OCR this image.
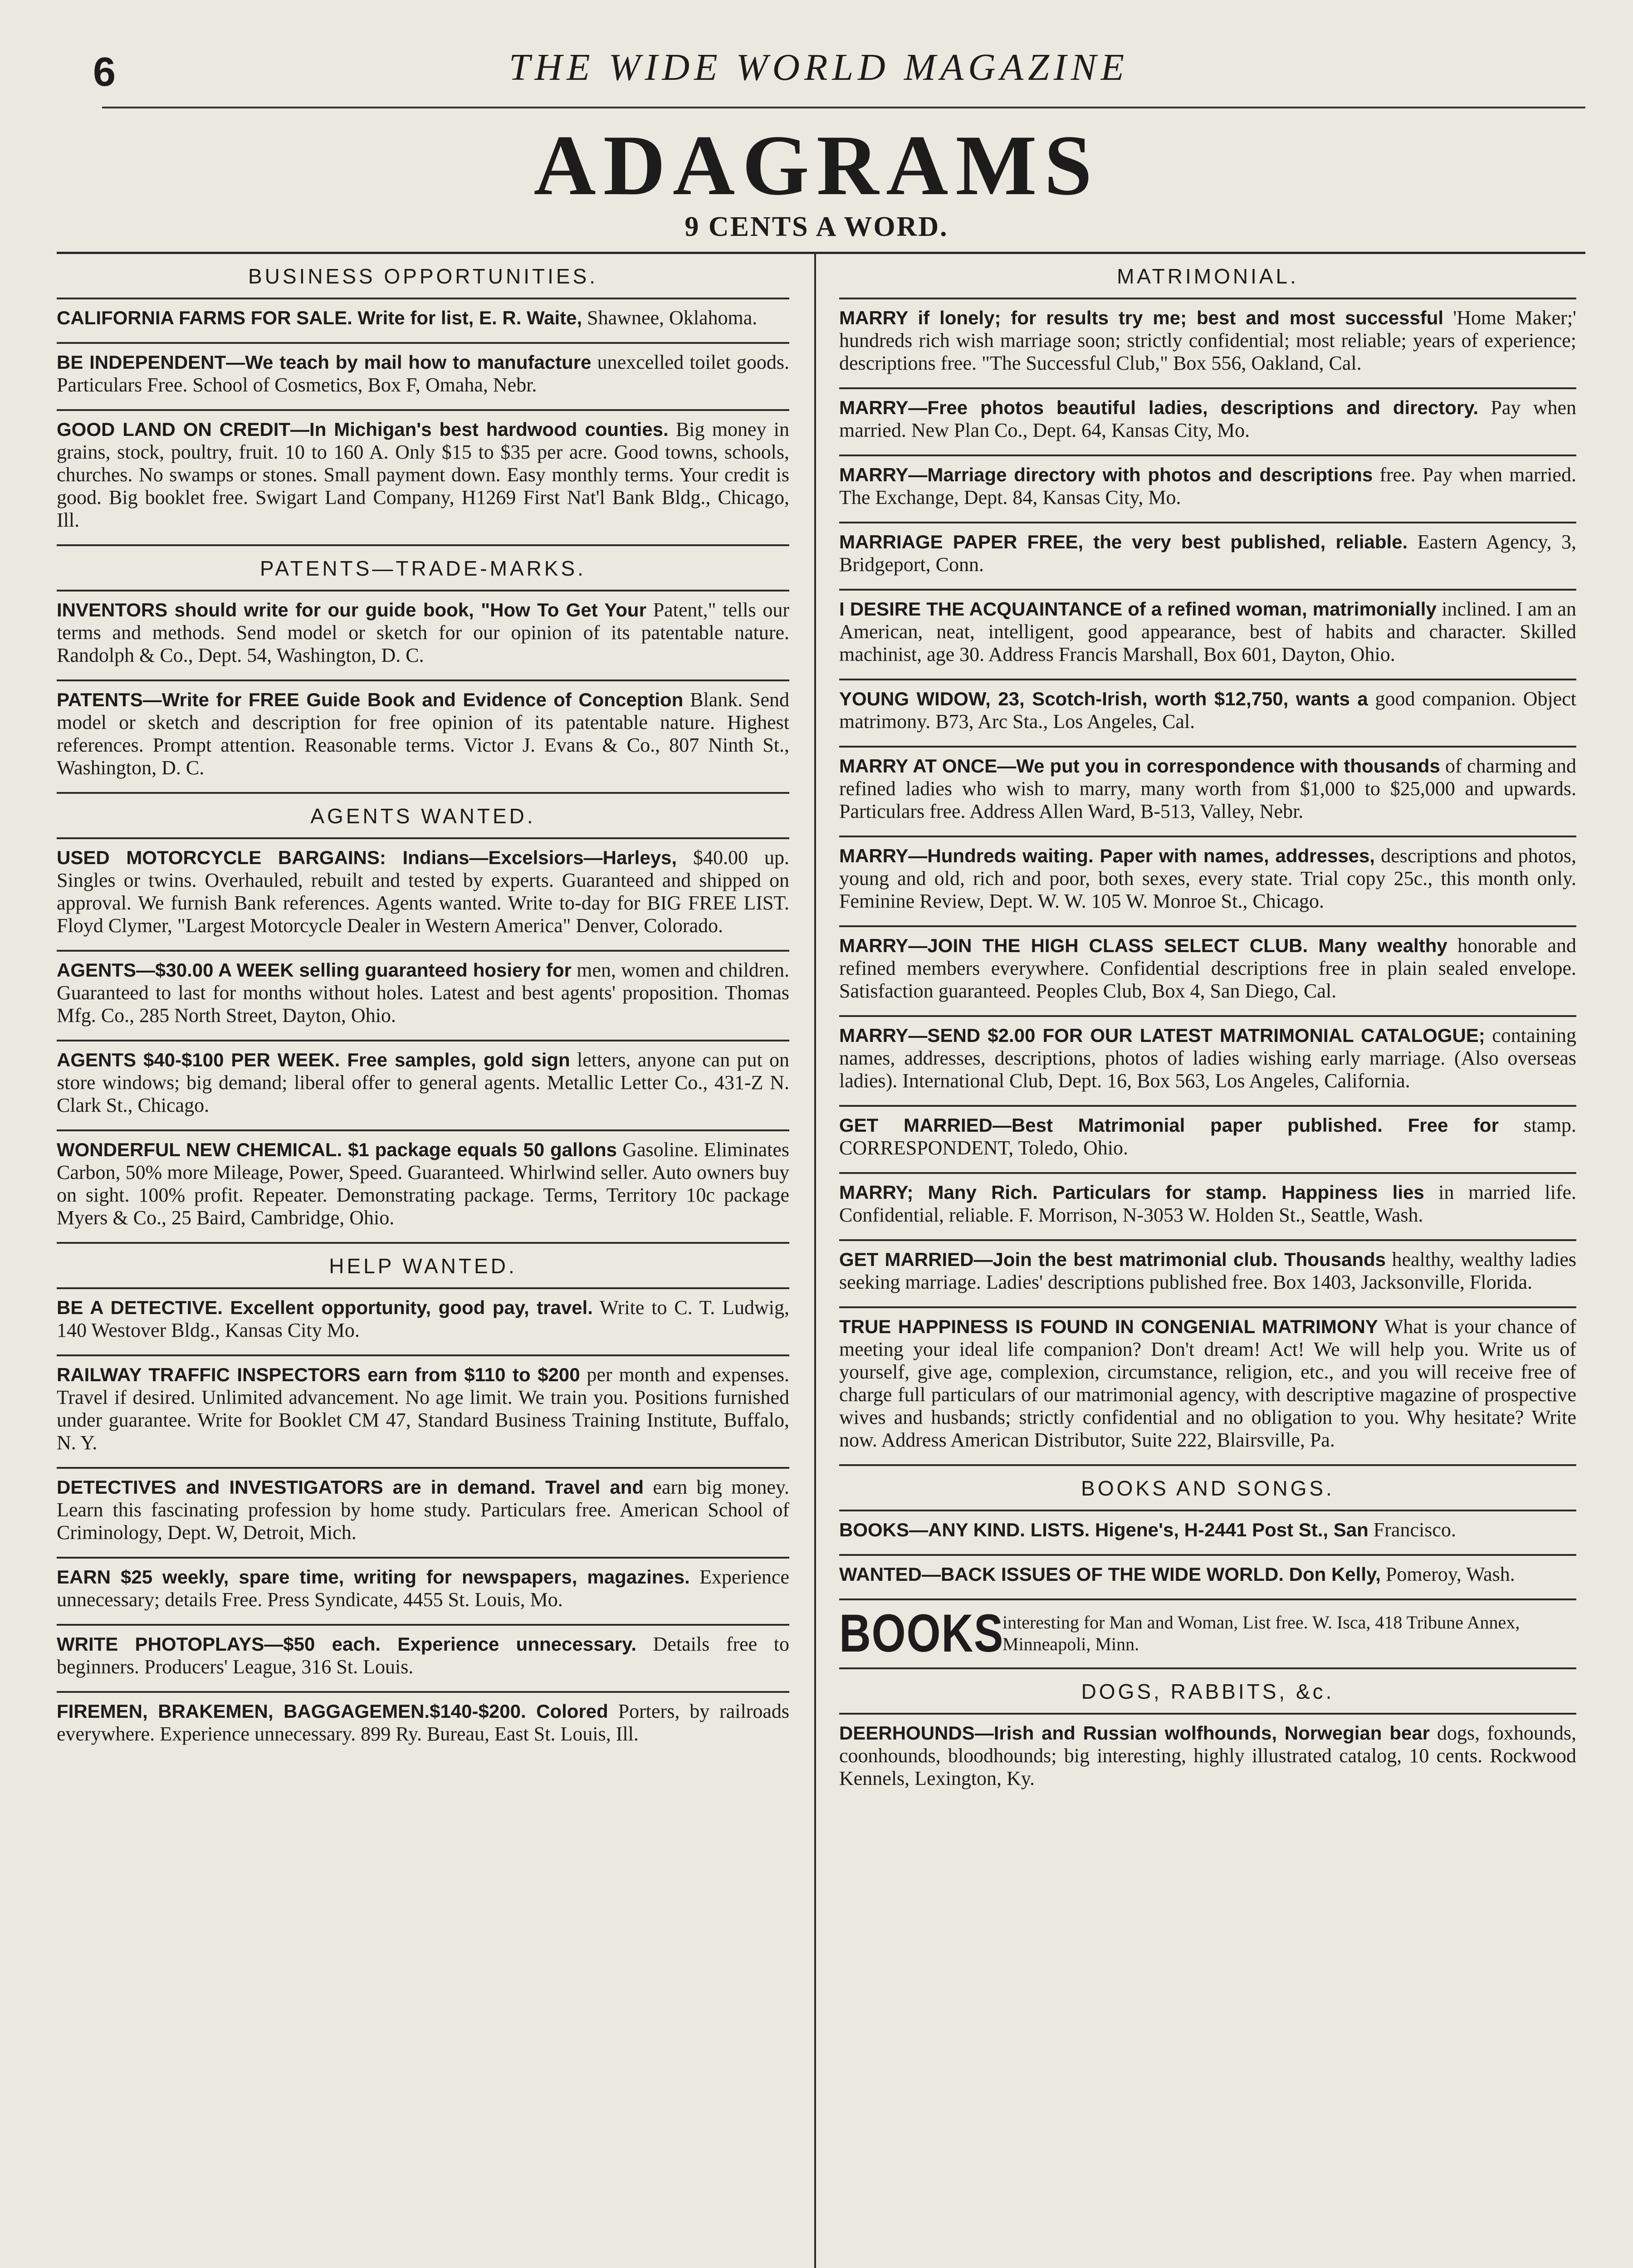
6	THE WIDE WORLD MAGAZINE
ADAGRAMS
9 CENTS A WORD.
BUSINESS OPPORTUNITIES.

CALIFORNIA FARMS FOR SALE. Write for list, E. R. Waite, Shawnee, Oklahoma.

BE INDEPENDENT—We teach by mail how to manufacture unexcelled toilet goods. Particulars Free. School of Cosmetics, Box F, Omaha, Nebr.

GOOD LAND ON CREDIT—In Michigan's best hardwood counties. Big money in grains, stock, poultry, fruit. 10 to 160 A. Only $15 to $35 per acre. Good towns, schools, churches. No swamps or stones. Small payment down. Easy monthly terms. Your credit is good. Big booklet free. Swigart Land Company, H1269 First Nat'l Bank Bldg., Chicago, Ill.

PATENTS—TRADE-MARKS.

INVENTORS should write for our guide book, "How To Get Your Patent," tells our terms and methods. Send model or sketch for our opinion of its patentable nature. Randolph & Co., Dept. 54, Washington, D. C.

PATENTS—Write for FREE Guide Book and Evidence of Conception Blank. Send model or sketch and description for free opinion of its patentable nature. Highest references. Prompt attention. Reasonable terms. Victor J. Evans & Co., 807 Ninth St., Washington, D. C.

AGENTS WANTED.

USED MOTORCYCLE BARGAINS: Indians—Excelsiors—Harleys, $40.00 up. Singles or twins. Overhauled, rebuilt and tested by experts. Guaranteed and shipped on approval. We furnish Bank references. Agents wanted. Write to-day for BIG FREE LIST. Floyd Clymer, "Largest Motorcycle Dealer in Western America" Denver, Colorado.

AGENTS—$30.00 A WEEK selling guaranteed hosiery for men, women and children. Guaranteed to last for months without holes. Latest and best agents' proposition. Thomas Mfg. Co., 285 North Street, Dayton, Ohio.

AGENTS $40-$100 PER WEEK. Free samples, gold sign letters, anyone can put on store windows; big demand; liberal offer to general agents. Metallic Letter Co., 431-Z N. Clark St., Chicago.

WONDERFUL NEW CHEMICAL. $1 package equals 50 gallons Gasoline. Eliminates Carbon, 50% more Mileage, Power, Speed. Guaranteed. Whirlwind seller. Auto owners buy on sight. 100% profit. Repeater. Demonstrating package. Terms, Territory 10c package Myers & Co., 25 Baird, Cambridge, Ohio.

HELP WANTED.

BE A DETECTIVE. Excellent opportunity, good pay, travel. Write to C. T. Ludwig, 140 Westover Bldg., Kansas City Mo.

RAILWAY TRAFFIC INSPECTORS earn from $110 to $200 per month and expenses. Travel if desired. Unlimited advancement. No age limit. We train you. Positions furnished under guarantee. Write for Booklet CM 47, Standard Business Training Institute, Buffalo, N. Y.

DETECTIVES and INVESTIGATORS are in demand. Travel and earn big money. Learn this fascinating profession by home study. Particulars free. American School of Criminology, Dept. W, Detroit, Mich.

EARN $25 weekly, spare time, writing for newspapers, magazines. Experience unnecessary; details Free. Press Syndicate, 4455 St. Louis, Mo.

WRITE PHOTOPLAYS—$50 each. Experience unnecessary. Details free to beginners. Producers' League, 316 St. Louis.

FIREMEN, BRAKEMEN, BAGGAGEMEN.$140-$200. Colored Porters, by railroads everywhere. Experience unnecessary. 899 Ry. Bureau, East St. Louis, Ill.

MATRIMONIAL.

MARRY if lonely; for results try me; best and most successful 'Home Maker;' hundreds rich wish marriage soon; strictly confidential; most reliable; years of experience; descriptions free. "The Successful Club," Box 556, Oakland, Cal.

MARRY—Free photos beautiful ladies, descriptions and directory. Pay when married. New Plan Co., Dept. 64, Kansas City, Mo.

MARRY—Marriage directory with photos and descriptions free. Pay when married. The Exchange, Dept. 84, Kansas City, Mo.

MARRIAGE PAPER FREE, the very best published, reliable. Eastern Agency, 3, Bridgeport, Conn.

I DESIRE THE ACQUAINTANCE of a refined woman, matrimonially inclined. I am an American, neat, intelligent, good appearance, best of habits and character. Skilled machinist, age 30. Address Francis Marshall, Box 601, Dayton, Ohio.

YOUNG WIDOW, 23, Scotch-Irish, worth $12,750, wants a good companion. Object matrimony. B73, Arc Sta., Los Angeles, Cal.

MARRY AT ONCE—We put you in correspondence with thousands of charming and refined ladies who wish to marry, many worth from $1,000 to $25,000 and upwards. Particulars free. Address Allen Ward, B-513, Valley, Nebr.

MARRY—Hundreds waiting. Paper with names, addresses, descriptions and photos, young and old, rich and poor, both sexes, every state. Trial copy 25c., this month only. Feminine Review, Dept. W. W. 105 W. Monroe St., Chicago.

MARRY—JOIN THE HIGH CLASS SELECT CLUB. Many wealthy honorable and refined members everywhere. Confidential descriptions free in plain sealed envelope. Satisfaction guaranteed. Peoples Club, Box 4, San Diego, Cal.

MARRY—SEND $2.00 FOR OUR LATEST MATRIMONIAL CATALOGUE; containing names, addresses, descriptions, photos of ladies wishing early marriage. (Also overseas ladies). International Club, Dept. 16, Box 563, Los Angeles, California.

GET MARRIED—Best Matrimonial paper published. Free for stamp. CORRESPONDENT, Toledo, Ohio.

MARRY; Many Rich. Particulars for stamp. Happiness lies in married life. Confidential, reliable. F. Morrison, N-3053 W. Holden St., Seattle, Wash.

GET MARRIED—Join the best matrimonial club. Thousands healthy, wealthy ladies seeking marriage. Ladies' descriptions published free. Box 1403, Jacksonville, Florida.

TRUE HAPPINESS IS FOUND IN CONGENIAL MATRIMONY What is your chance of meeting your ideal life companion? Don't dream! Act! We will help you. Write us of yourself, give age, complexion, circumstance, religion, etc., and you will receive free of charge full particulars of our matrimonial agency, with descriptive magazine of prospective wives and husbands; strictly confidential and no obligation to you. Why hesitate? Write now. Address American Distributor, Suite 222, Blairsville, Pa.

BOOKS AND SONGS.

BOOKS—ANY KIND. LISTS. Higene's, H-2441 Post St., San Francisco.

WANTED—BACK ISSUES OF THE WIDE WORLD. Don Kelly, Pomeroy, Wash.

BOOKS
interesting for Man and Woman, List free. W. Isca, 418 Tribune Annex, Minneapoli, Minn.
DOGS, RABBITS, &c.

DEERHOUNDS—Irish and Russian wolfhounds, Norwegian bear dogs, foxhounds, coonhounds, bloodhounds; big interesting, highly illustrated catalog, 10 cents. Rockwood Kennels, Lexington, Ky.
